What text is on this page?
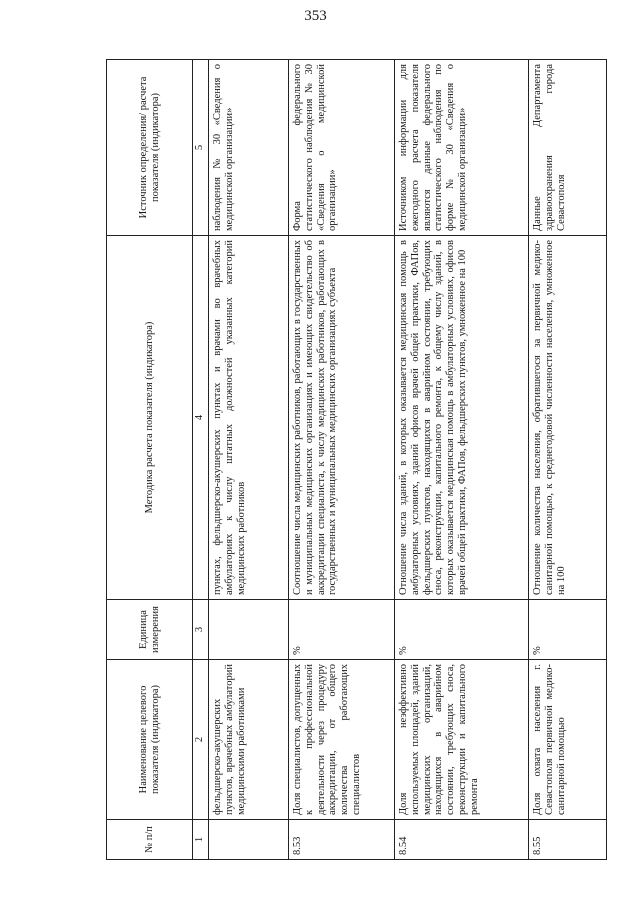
353
№ п/п	Наименование целевого показателя (индикатора)	Единица измерения	Методика расчета показателя (индикатора)	Источник определения/ расчета показателя (индикатора)
1	2	3	4	5
	фельдшерско-акушерских пунктов, врачебных амбулаторий медицинскими работниками		пунктах, фельдшерско-акушерских пунктах и врачами во врачебных амбулаториях к числу штатных должностей указанных категорий медицинских работников	наблюдения № 30 «Сведения о медицинской организации»
8.53	Доля специалистов, допущенных к профессиональной деятельности через процедуру аккредитации, от общего количества работающих специалистов	%	Соотношение числа медицинских работников, работающих в государственных и муниципальных медицинских организациях и имеющих свидетельство об аккредитации специалиста, к числу медицинских работников, работающих в государственных и муниципальных медицинских организациях субъекта	Форма федерального статистического наблюдения № 30 «Сведения о медицинской организации»
8.54	Доля неэффективно используемых площадей, зданий медицинских организаций, находящихся в аварийном состоянии, требующих сноса, реконструкции и капитального ремонта	%	Отношение числа зданий, в которых оказывается медицинская помощь в амбулаторных условиях, зданий офисов врачей общей практики, ФАПов, фельдшерских пунктов, находящихся в аварийном состоянии, требующих сноса, реконструкции, капитального ремонта, к общему числу зданий, в которых оказывается медицинская помощь в амбулаторных условиях, офисов врачей общей практики, ФАПов, фельдшерских пунктов, умноженное на 100	Источником информации для ежегодного расчета показателя являются данные федерального статистического наблюдения по форме № 30 «Сведения о медицинской организации»
8.55	Доля охвата населения г. Севастополя первичной медико-санитарной помощью	%	Отношение количества населения, обратившегося за первичной медико-санитарной помощью, к среднегодовой численности населения, умноженное на 100	Данные Департамента здравоохранения города Севастополя
